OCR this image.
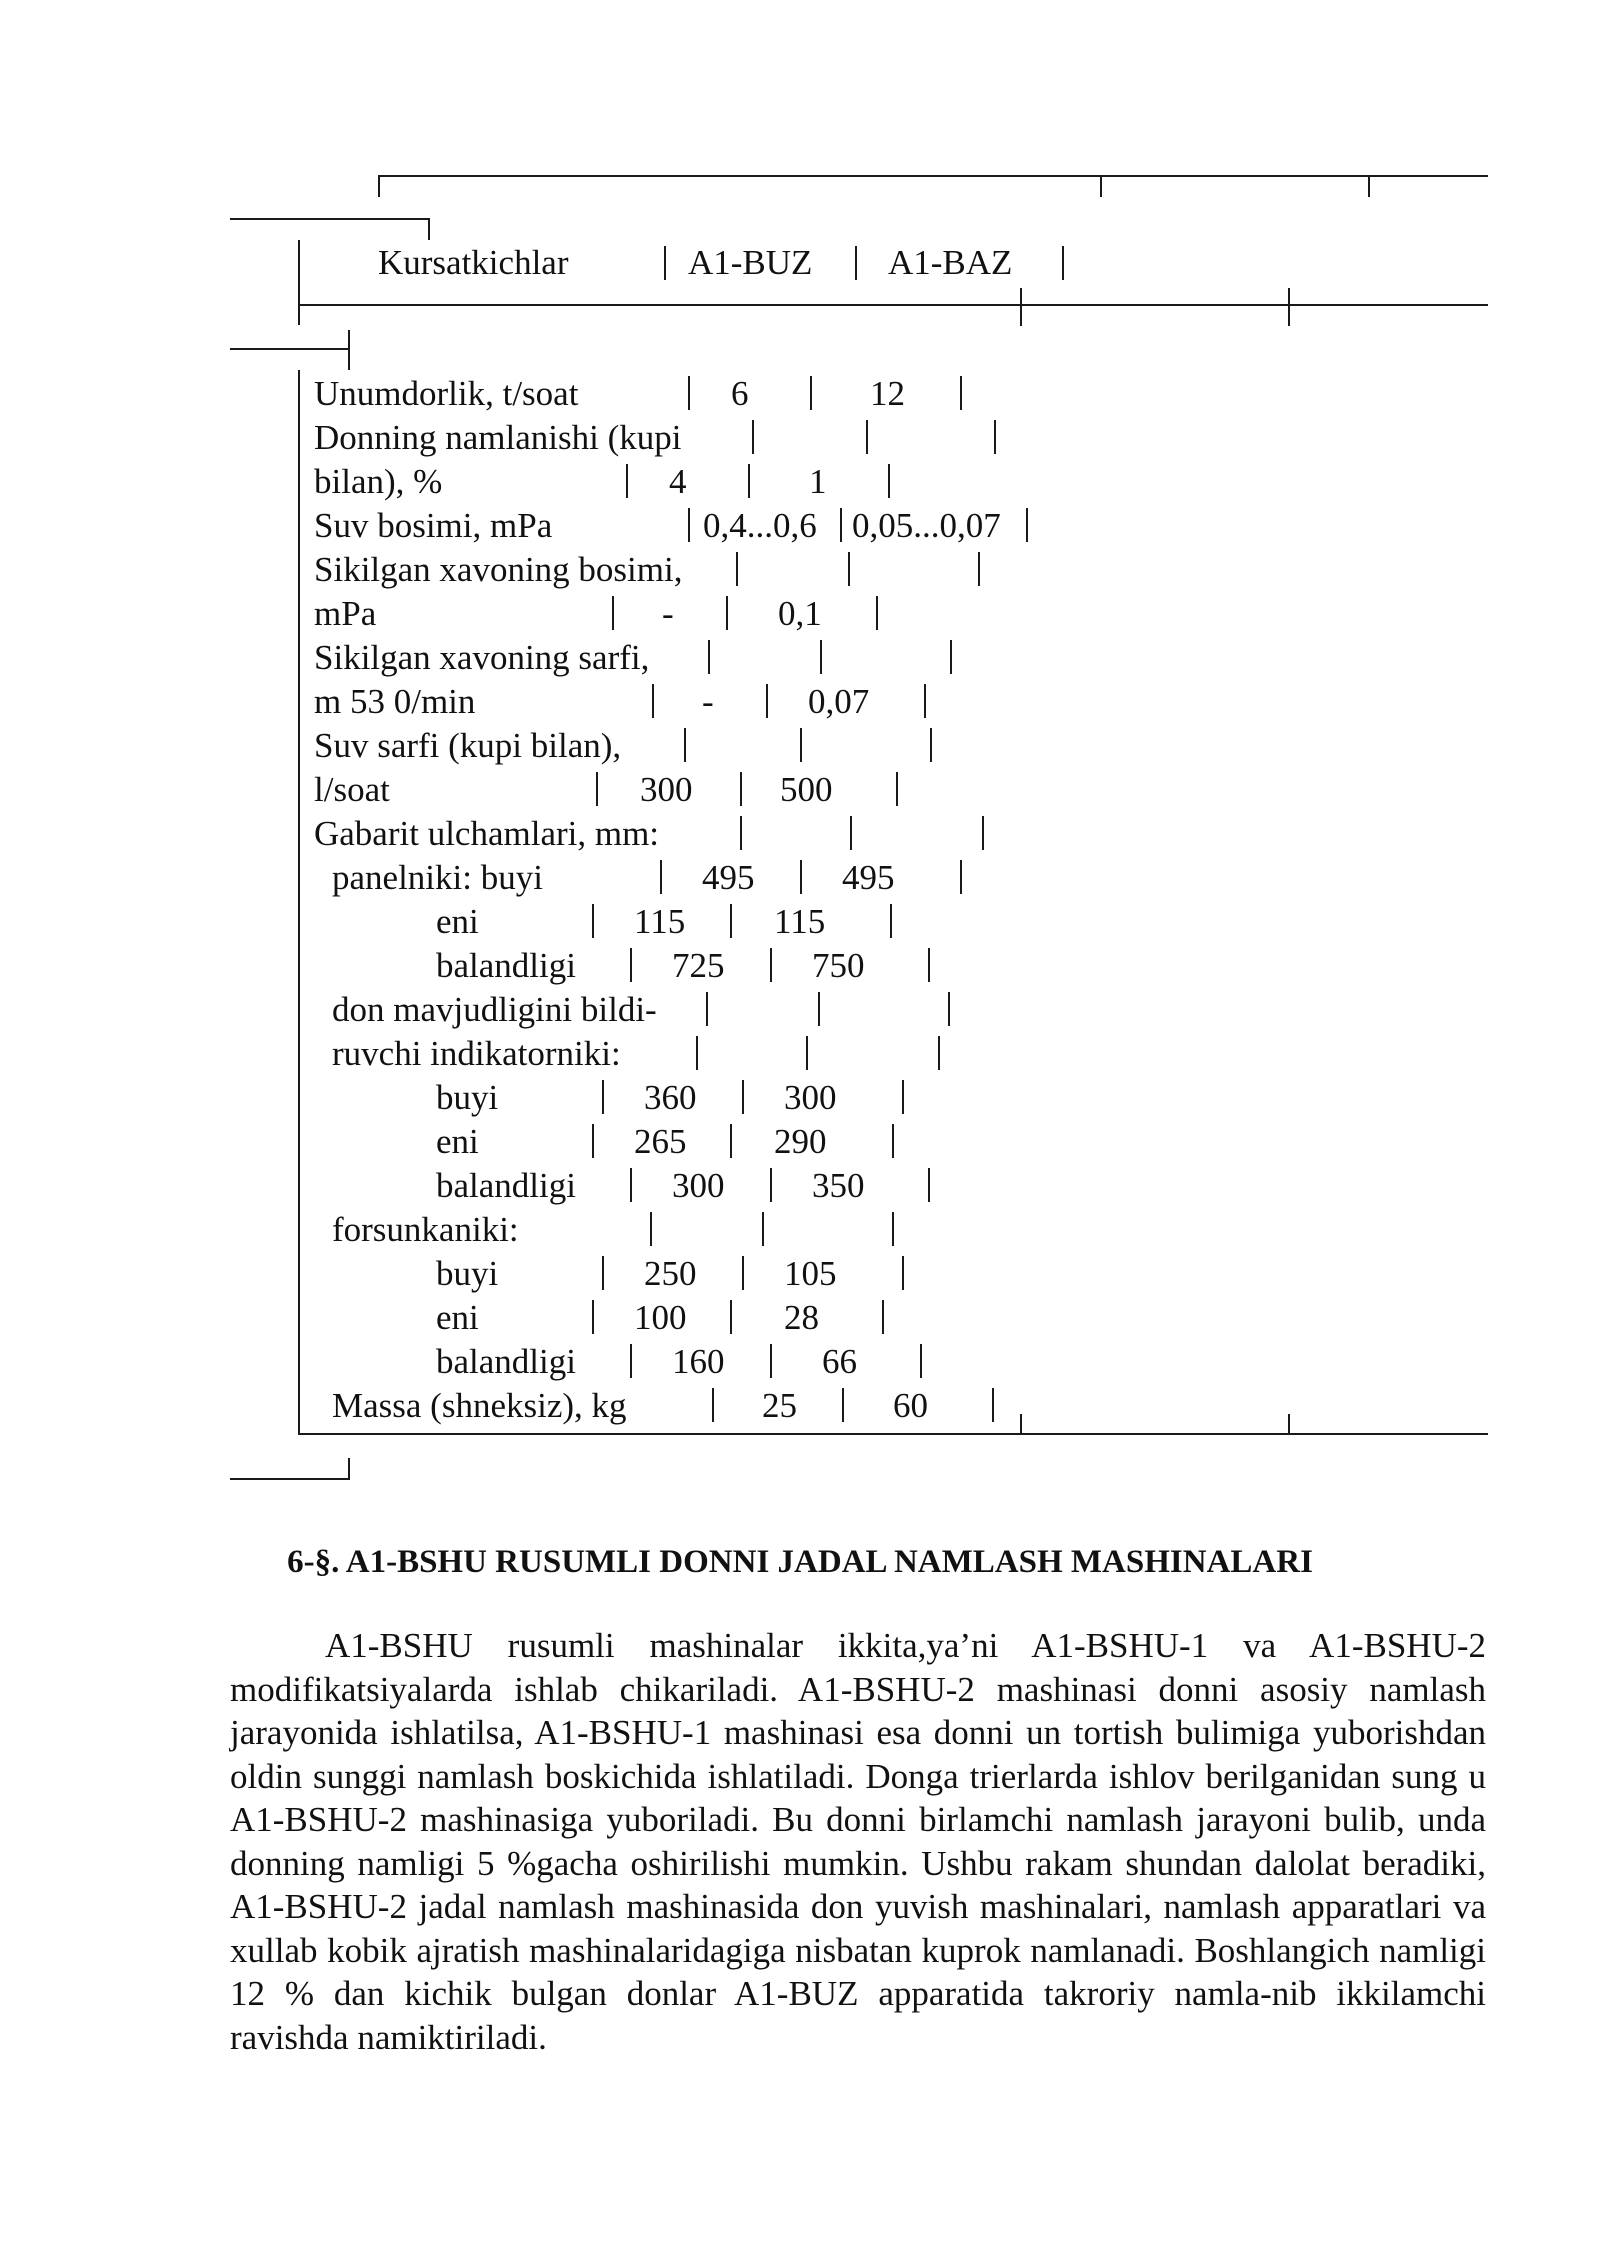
Kursatkichlar	A1-BUZ A1-BAZ
Unumdorlik, t/soat	6	12
Donning namlanishi (kupi
bilan), %	4	1
Suv bosimi, mPa	0,4...0,6 0,05...0,07
Sikilgan xavoning bosimi,
mPa	-	0,1
Sikilgan xavoning sarfi,
m 53 0/min	-	0,07
Suv sarfi (kupi bilan),
l/soat	300	500
Gabarit ulchamlari, mm:
panelniki: buyi	495	495
eni	115	115
balandligi	725	750
don mavjudligini bildi-
ruvchi indikatorniki:
buyi	360	300
eni	265	290
balandligi	300	350
forsunkaniki:
buyi	250	105
eni	100	28
balandligi	160	66
Massa (shneksiz), kg	25	60
6-§. A1-BSHU RUSUMLI DONNI JADAL NAMLASH MASHINALARI

A1-BSHU rusumli mashinalar ikkita,ya’ni A1-BSHU-1 va A1-BSHU-2 modifikatsiyalarda ishlab chikariladi. A1-BSHU-2 mashinasi donni asosiy namlash jarayonida ishlatilsa, A1-BSHU-1 mashinasi esa donni un tortish bulimiga yuborishdan oldin sunggi namlash boskichida ishlatiladi. Donga trierlarda ishlov berilganidan sung u A1-BSHU-2 mashinasiga yuboriladi. Bu donni birlamchi namlash jarayoni bulib, unda donning namligi 5 %gacha oshirilishi mumkin. Ushbu rakam shundan dalolat beradiki, A1-BSHU-2 jadal namlash mashinasida don yuvish mashinalari, namlash apparatlari va xullab kobik ajratish mashinalaridagiga nisbatan kuprok namlanadi. Boshlangich namligi 12 % dan kichik bulgan donlar A1-BUZ apparatida takroriy namla-nib ikkilamchi ravishda namiktiriladi.
